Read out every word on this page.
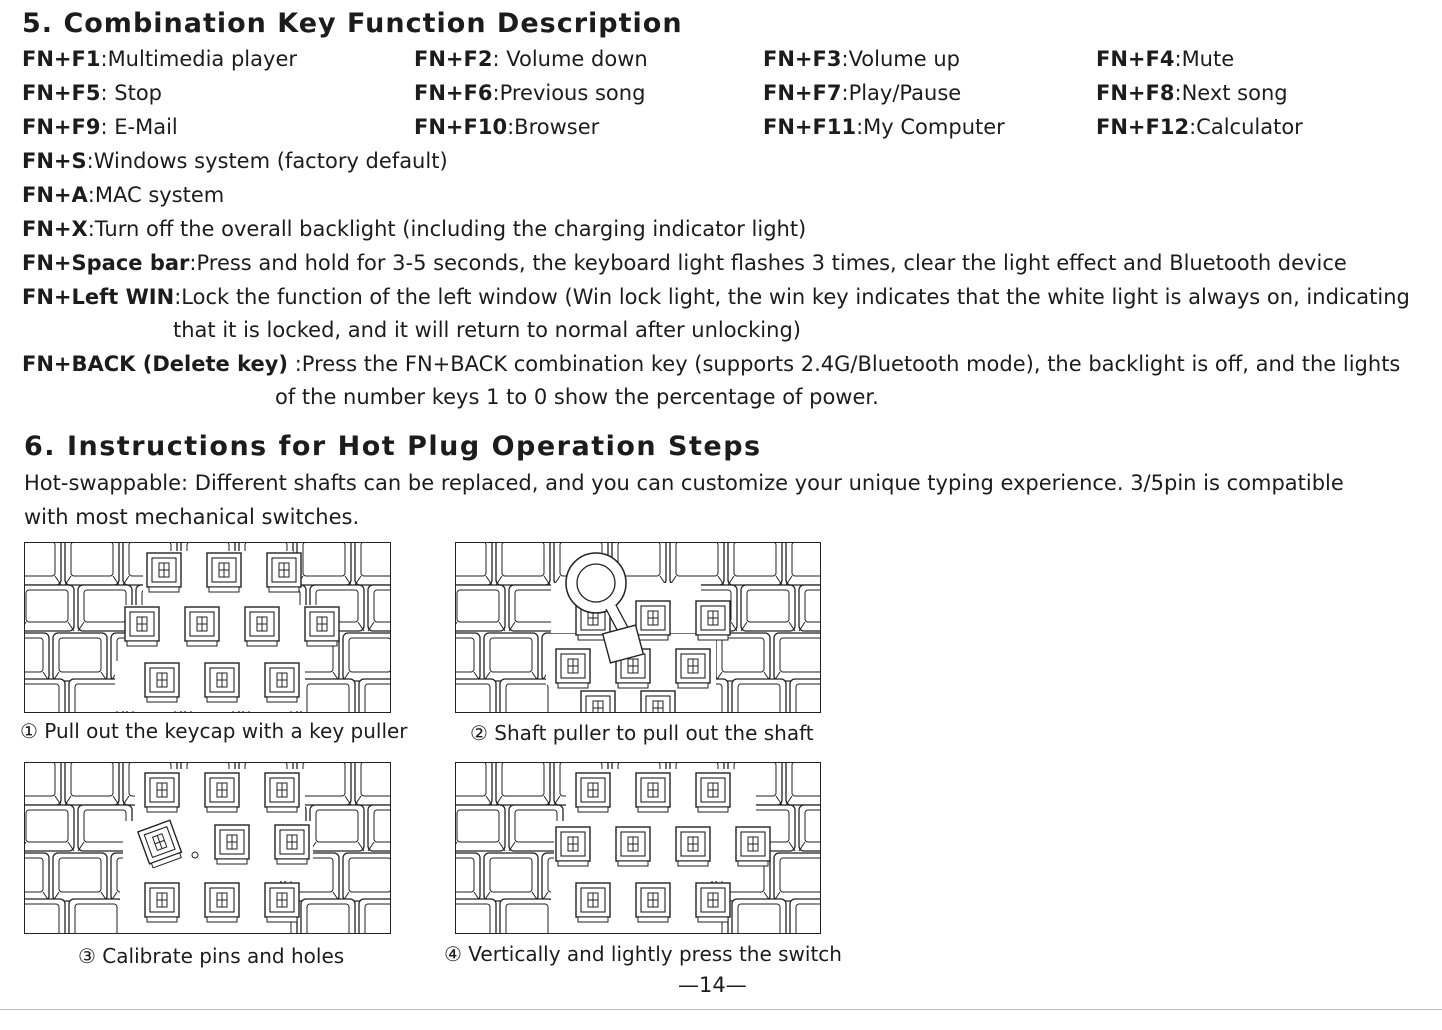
5. Combination Key Function Description
FN+F1:Multimedia player	FN+F2: Volume down	FN+F3:Volume up	FN+F4:Mute
FN+F5: Stop	FN+F6:Previous song	FN+F7:Play/Pause	FN+F8:Next song
FN+F9: E-Mail	FN+F10:Browser	FN+F11:My Computer	FN+F12:Calculator
FN+S:Windows system (factory default)
FN+A:MAC system
FN+X:Turn off the overall backlight (including the charging indicator light)
FN+Space bar:Press and hold for 3-5 seconds, the keyboard light flashes 3 times, clear the light effect and Bluetooth device
FN+Left WIN:Lock the function of the left window (Win lock light, the win key indicates that the white light is always on, indicating
that it is locked, and it will return to normal after unlocking)
FN+BACK (Delete key) :Press the FN+BACK combination key (supports 2.4G/Bluetooth mode), the backlight is off, and the lights
of the number keys 1 to 0 show the percentage of power.
6. Instructions for Hot Plug Operation Steps
Hot-swappable: Different shafts can be replaced, and you can customize your unique typing experience. 3/5pin is compatible
with most mechanical switches.
① Pull out the keycap with a key puller	② Shaft puller to pull out the shaft
③ Calibrate pins and holes	④ Vertically and lightly press the switch
—14—
